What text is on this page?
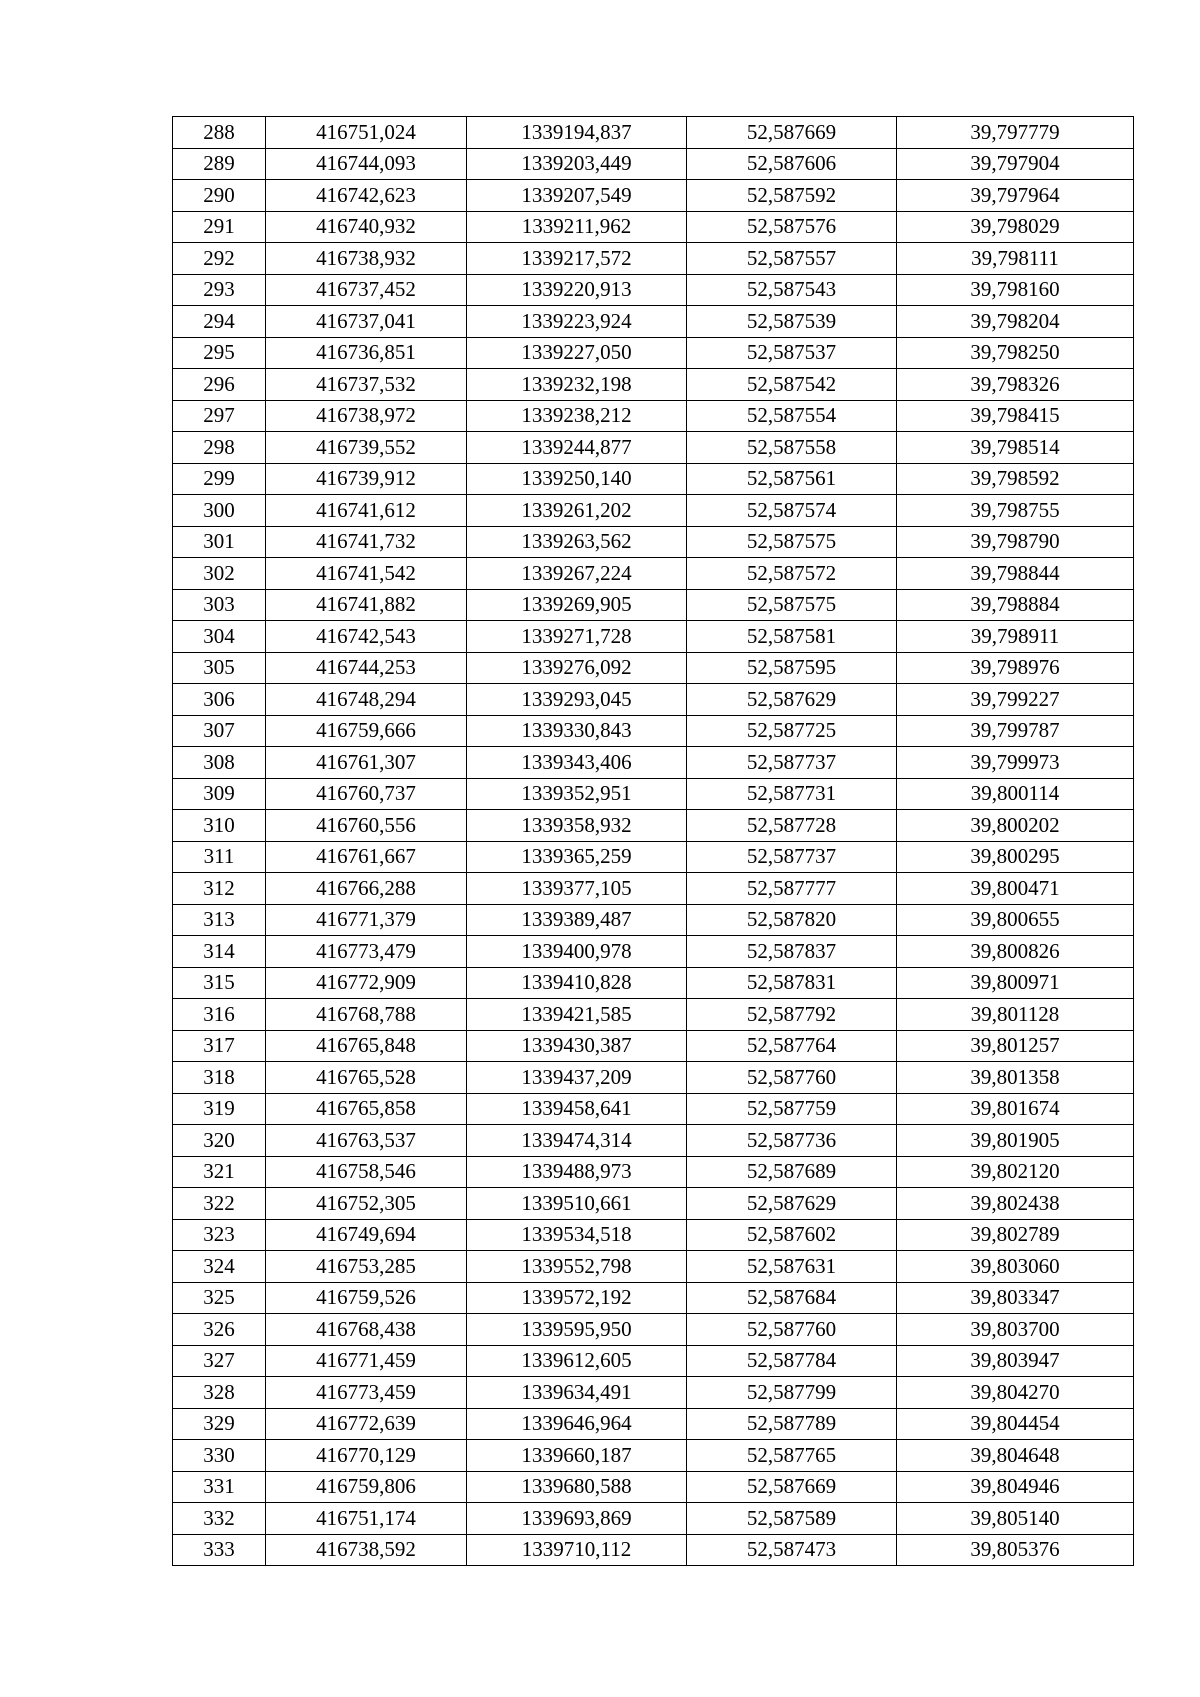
288	416751,024	1339194,837	52,587669	39,797779
289	416744,093	1339203,449	52,587606	39,797904
290	416742,623	1339207,549	52,587592	39,797964
291	416740,932	1339211,962	52,587576	39,798029
292	416738,932	1339217,572	52,587557	39,798111
293	416737,452	1339220,913	52,587543	39,798160
294	416737,041	1339223,924	52,587539	39,798204
295	416736,851	1339227,050	52,587537	39,798250
296	416737,532	1339232,198	52,587542	39,798326
297	416738,972	1339238,212	52,587554	39,798415
298	416739,552	1339244,877	52,587558	39,798514
299	416739,912	1339250,140	52,587561	39,798592
300	416741,612	1339261,202	52,587574	39,798755
301	416741,732	1339263,562	52,587575	39,798790
302	416741,542	1339267,224	52,587572	39,798844
303	416741,882	1339269,905	52,587575	39,798884
304	416742,543	1339271,728	52,587581	39,798911
305	416744,253	1339276,092	52,587595	39,798976
306	416748,294	1339293,045	52,587629	39,799227
307	416759,666	1339330,843	52,587725	39,799787
308	416761,307	1339343,406	52,587737	39,799973
309	416760,737	1339352,951	52,587731	39,800114
310	416760,556	1339358,932	52,587728	39,800202
311	416761,667	1339365,259	52,587737	39,800295
312	416766,288	1339377,105	52,587777	39,800471
313	416771,379	1339389,487	52,587820	39,800655
314	416773,479	1339400,978	52,587837	39,800826
315	416772,909	1339410,828	52,587831	39,800971
316	416768,788	1339421,585	52,587792	39,801128
317	416765,848	1339430,387	52,587764	39,801257
318	416765,528	1339437,209	52,587760	39,801358
319	416765,858	1339458,641	52,587759	39,801674
320	416763,537	1339474,314	52,587736	39,801905
321	416758,546	1339488,973	52,587689	39,802120
322	416752,305	1339510,661	52,587629	39,802438
323	416749,694	1339534,518	52,587602	39,802789
324	416753,285	1339552,798	52,587631	39,803060
325	416759,526	1339572,192	52,587684	39,803347
326	416768,438	1339595,950	52,587760	39,803700
327	416771,459	1339612,605	52,587784	39,803947
328	416773,459	1339634,491	52,587799	39,804270
329	416772,639	1339646,964	52,587789	39,804454
330	416770,129	1339660,187	52,587765	39,804648
331	416759,806	1339680,588	52,587669	39,804946
332	416751,174	1339693,869	52,587589	39,805140
333	416738,592	1339710,112	52,587473	39,805376
